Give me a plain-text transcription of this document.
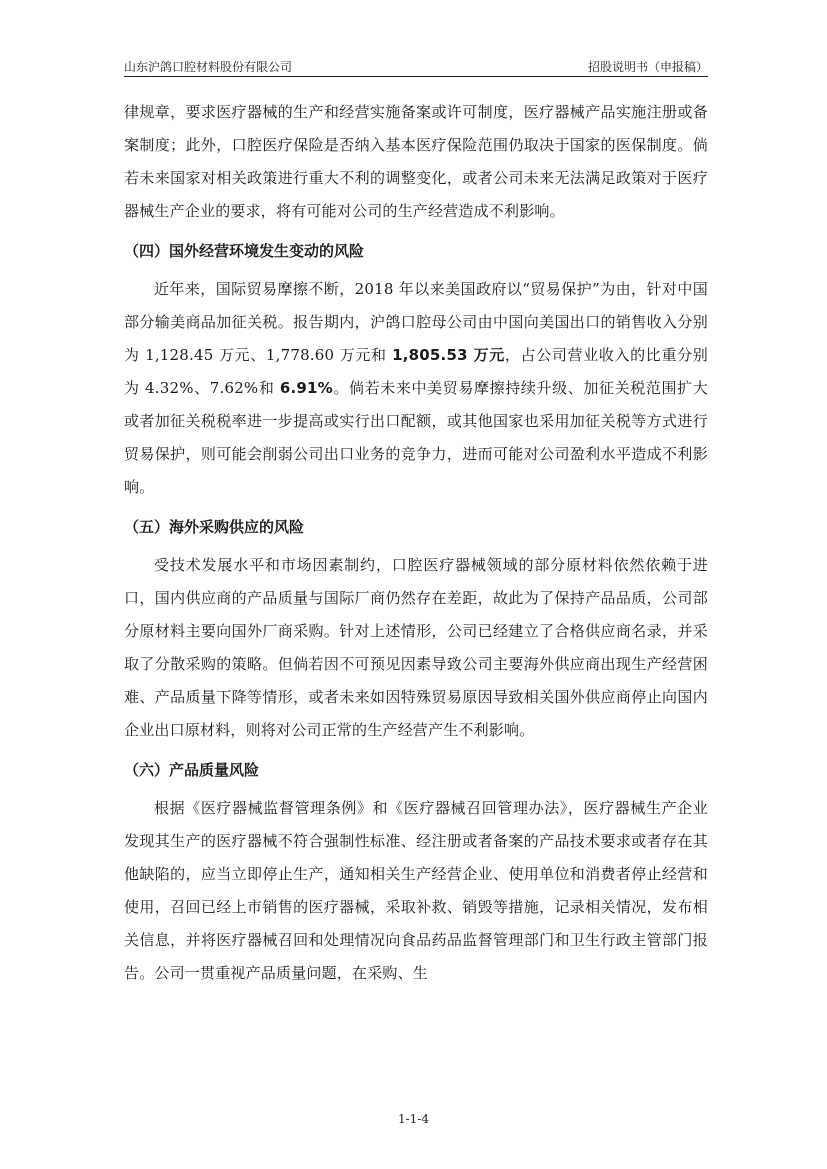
山东沪鸽口腔材料股份有限公司	招股说明书（申报稿）

律规章，要求医疗器械的生产和经营实施备案或许可制度，医疗器械产品实施注册或备案制度；此外，口腔医疗保险是否纳入基本医疗保险范围仍取决于国家的医保制度。倘若未来国家对相关政策进行重大不利的调整变化，或者公司未来无法满足政策对于医疗器械生产企业的要求，将有可能对公司的生产经营造成不利影响。

（四）国外经营环境发生变动的风险

近年来，国际贸易摩擦不断，2018 年以来美国政府以“贸易保护”为由，针对中国部分输美商品加征关税。报告期内，沪鸽口腔母公司由中国向美国出口的销售收入分别为 1,128.45 万元、1,778.60 万元和 1,805.53 万元，占公司营业收入的比重分别为 4.32%、7.62%和 6.91%。倘若未来中美贸易摩擦持续升级、加征关税范围扩大或者加征关税税率进一步提高或实行出口配额，或其他国家也采用加征关税等方式进行贸易保护，则可能会削弱公司出口业务的竞争力，进而可能对公司盈利水平造成不利影响。

（五）海外采购供应的风险

受技术发展水平和市场因素制约，口腔医疗器械领域的部分原材料依然依赖于进口，国内供应商的产品质量与国际厂商仍然存在差距，故此为了保持产品品质，公司部分原材料主要向国外厂商采购。针对上述情形，公司已经建立了合格供应商名录，并采取了分散采购的策略。但倘若因不可预见因素导致公司主要海外供应商出现生产经营困难、产品质量下降等情形，或者未来如因特殊贸易原因导致相关国外供应商停止向国内企业出口原材料，则将对公司正常的生产经营产生不利影响。

（六）产品质量风险

根据《医疗器械监督管理条例》和《医疗器械召回管理办法》，医疗器械生产企业发现其生产的医疗器械不符合强制性标准、经注册或者备案的产品技术要求或者存在其他缺陷的，应当立即停止生产，通知相关生产经营企业、使用单位和消费者停止经营和使用，召回已经上市销售的医疗器械，采取补救、销毁等措施，记录相关情况，发布相关信息，并将医疗器械召回和处理情况向食品药品监督管理部门和卫生行政主管部门报告。公司一贯重视产品质量问题，在采购、生

1-1-4
